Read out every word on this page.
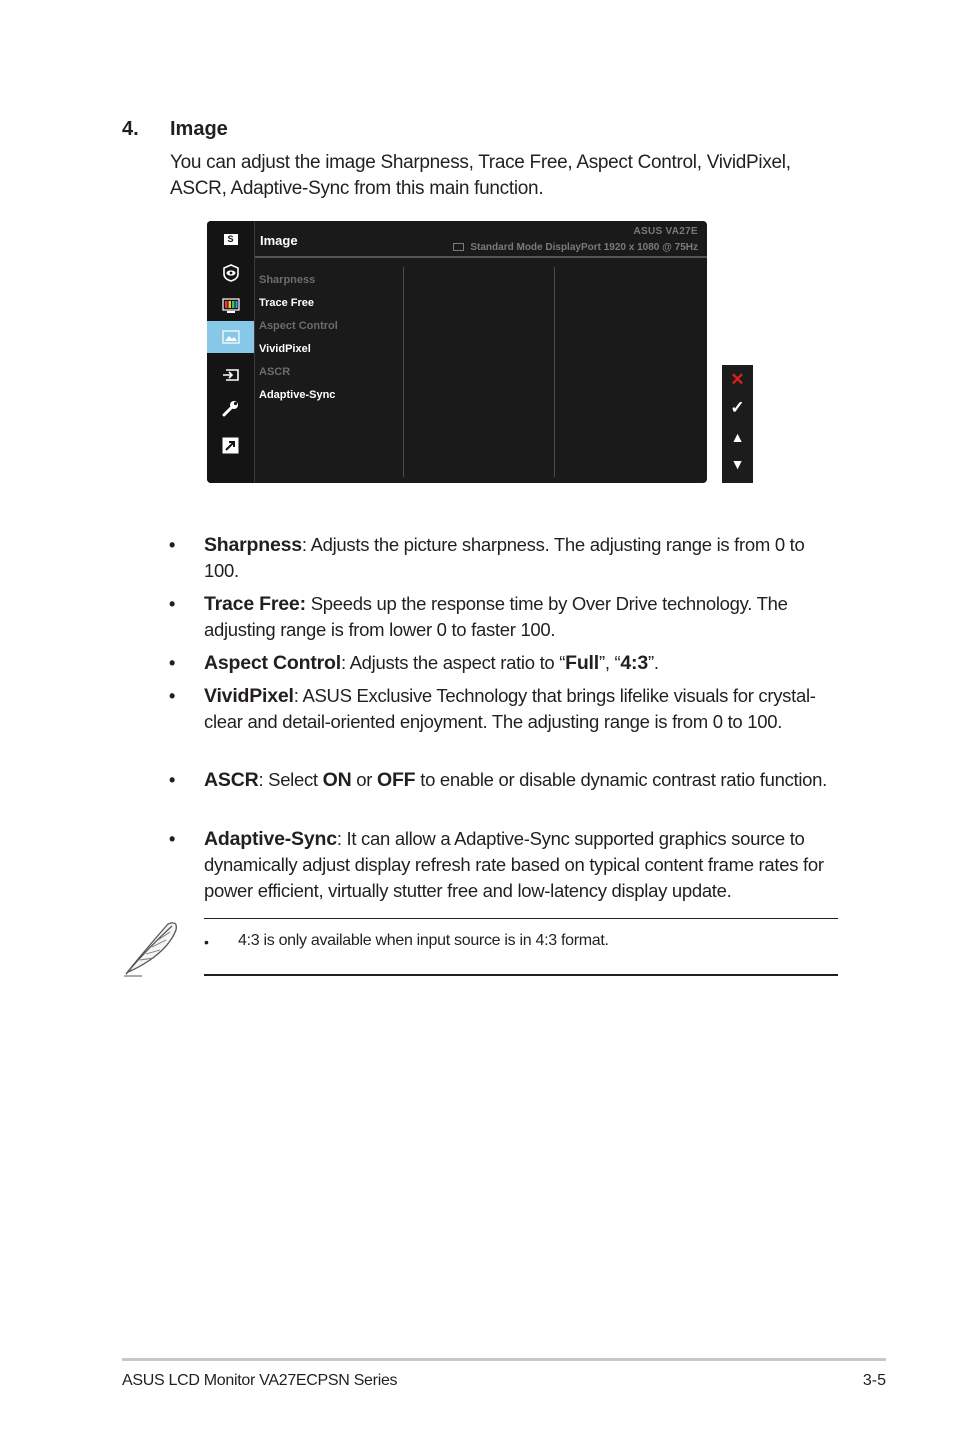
4. Image
You can adjust the image Sharpness, Trace Free, Aspect Control, VividPixel, ASCR, Adaptive-Sync from this main function.
S	Image
ASUS VA27E
Standard Mode DisplayPort 1920 x 1080 @ 75Hz
Sharpness
Trace Free
Aspect Control
VividPixel
ASCR
Adaptive-Sync
✕
✓
▲
▼
• Sharpness: Adjusts the picture sharpness. The adjusting range is from 0 to 100.
• Trace Free: Speeds up the response time by Over Drive technology. The adjusting range is from lower 0 to faster 100.
• Aspect Control: Adjusts the aspect ratio to “Full”, “4:3”.
• VividPixel: ASUS Exclusive Technology that brings lifelike visuals for crystal-clear and detail-oriented enjoyment. The adjusting range is from 0 to 100.
• ASCR: Select ON or OFF to enable or disable dynamic contrast ratio function.
• Adaptive-Sync: It can allow a Adaptive-Sync supported graphics source to dynamically adjust display refresh rate based on typical content frame rates for power efficient, virtually stutter free and low-latency display update.
• 4:3 is only available when input source is in 4:3 format.
ASUS LCD Monitor VA27ECPSN Series	3-5
